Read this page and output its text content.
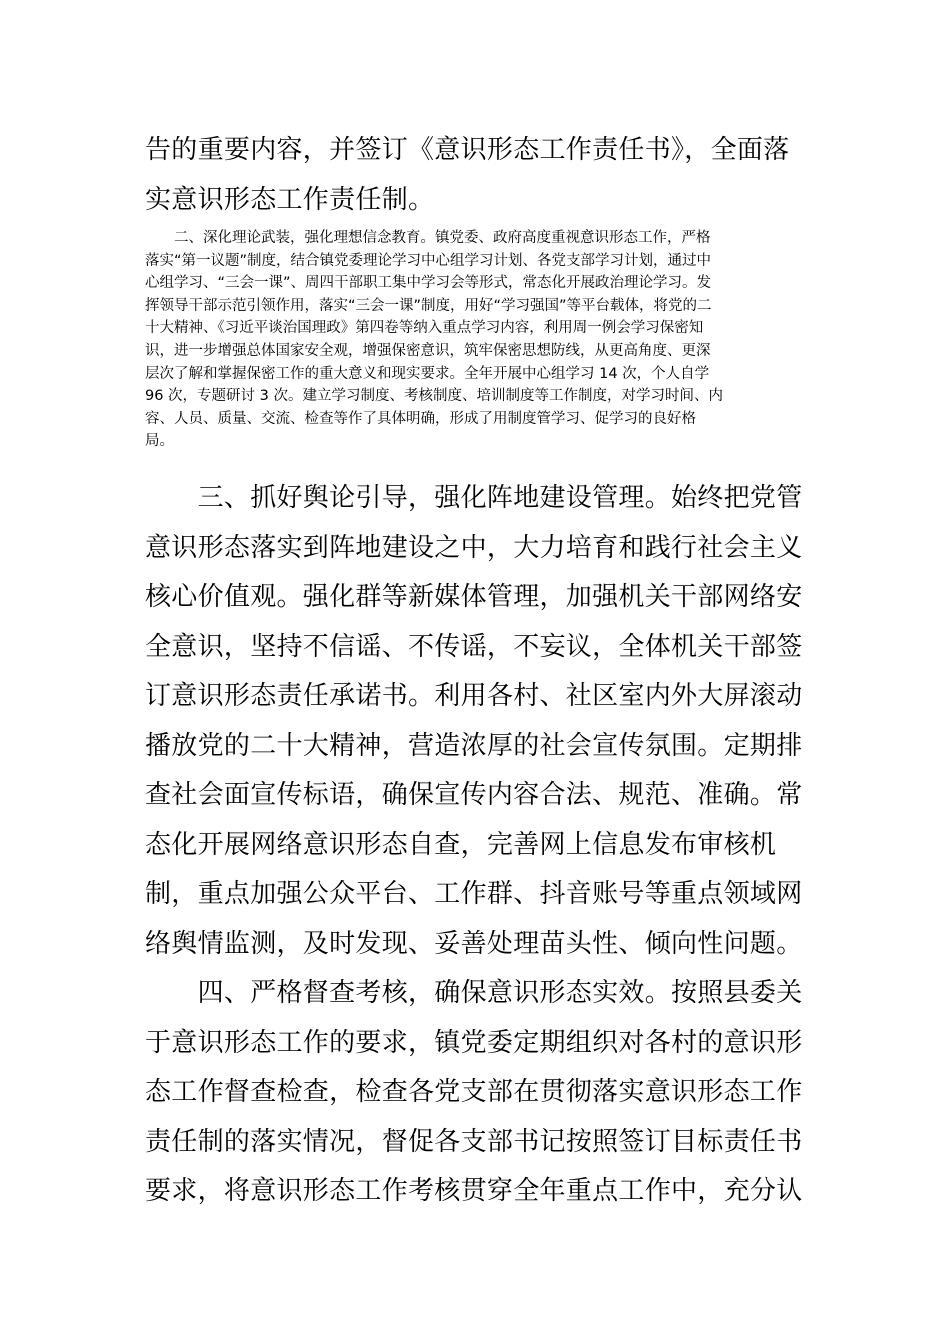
告的重要内容，并签订《意识形态工作责任书》，全面落
实意识形态工作责任制。
　　二、深化理论武装，强化理想信念教育。镇党委、政府高度重视意识形态工作，严格
落实“第一议题”制度，结合镇党委理论学习中心组学习计划、各党支部学习计划，通过中
心组学习、“三会一课”、周四干部职工集中学习会等形式，常态化开展政治理论学习。发
挥领导干部示范引领作用，落实“三会一课”制度，用好“学习强国”等平台载体，将党的二
十大精神、《习近平谈治国理政》第四卷等纳入重点学习内容，利用周一例会学习保密知
识，进一步增强总体国家安全观，增强保密意识，筑牢保密思想防线，从更高角度、更深
层次了解和掌握保密工作的重大意义和现实要求。全年开展中心组学习 14 次，个人自学
96 次，专题研讨 3 次。建立学习制度、考核制度、培训制度等工作制度，对学习时间、内
容、人员、质量、交流、检查等作了具体明确，形成了用制度管学习、促学习的良好格
局。
　　三、抓好舆论引导，强化阵地建设管理。始终把党管
意识形态落实到阵地建设之中，大力培育和践行社会主义
核心价值观。强化群等新媒体管理，加强机关干部网络安
全意识，坚持不信谣、不传谣，不妄议，全体机关干部签
订意识形态责任承诺书。利用各村、社区室内外大屏滚动
播放党的二十大精神，营造浓厚的社会宣传氛围。定期排
查社会面宣传标语，确保宣传内容合法、规范、准确。常
态化开展网络意识形态自查，完善网上信息发布审核机
制，重点加强公众平台、工作群、抖音账号等重点领域网
络舆情监测，及时发现、妥善处理苗头性、倾向性问题。
　　四、严格督查考核，确保意识形态实效。按照县委关
于意识形态工作的要求，镇党委定期组织对各村的意识形
态工作督查检查，检查各党支部在贯彻落实意识形态工作
责任制的落实情况，督促各支部书记按照签订目标责任书
要求，将意识形态工作考核贯穿全年重点工作中，充分认
